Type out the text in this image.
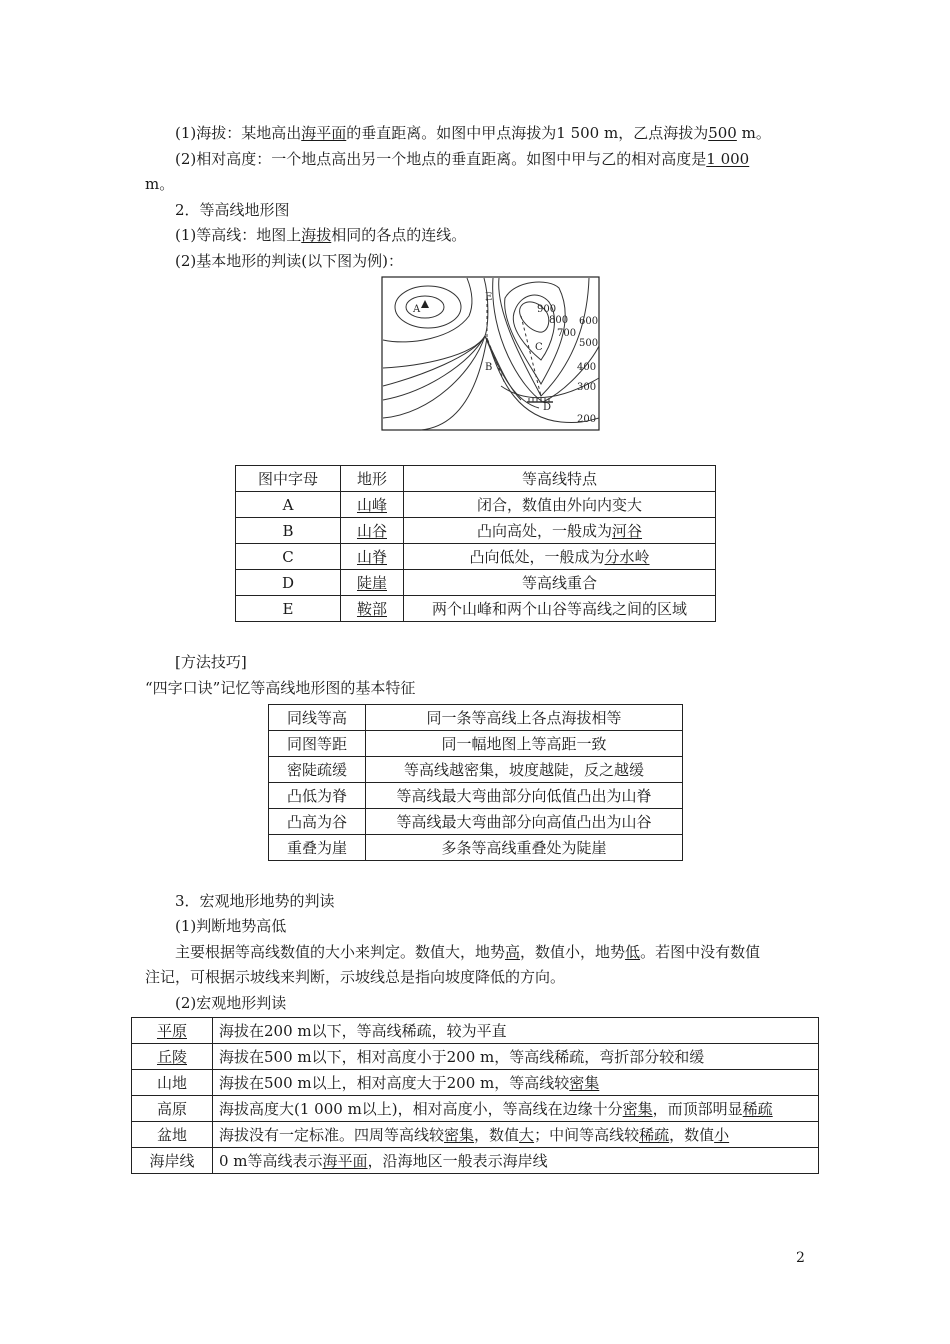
(1)海拔：某地高出海平面的垂直距离。如图中甲点海拔为1 500 m，乙点海拔为500 m。
(2)相对高度：一个地点高出另一个地点的垂直距离。如图中甲与乙的相对高度是1 000
m。
2．等高线地形图
(1)等高线：地图上海拔相同的各点的连线。
(2)基本地形的判读(以下图为例)：
A
B
C
D
E
900
800
700
600
500
400
300
200
图中字母	地形	等高线特点
A	山峰	闭合，数值由外向内变大
B	山谷	凸向高处，一般成为河谷
C	山脊	凸向低处，一般成为分水岭
D	陡崖	等高线重合
E	鞍部	两个山峰和两个山谷等高线之间的区域
[方法技巧]
“四字口诀”记忆等高线地形图的基本特征
同线等高	同一条等高线上各点海拔相等
同图等距	同一幅地图上等高距一致
密陡疏缓	等高线越密集，坡度越陡，反之越缓
凸低为脊	等高线最大弯曲部分向低值凸出为山脊
凸高为谷	等高线最大弯曲部分向高值凸出为山谷
重叠为崖	多条等高线重叠处为陡崖
3．宏观地形地势的判读
(1)判断地势高低
主要根据等高线数值的大小来判定。数值大，地势高，数值小，地势低。若图中没有数值
注记，可根据示坡线来判断，示坡线总是指向坡度降低的方向。
(2)宏观地形判读
平原	海拔在200 m以下，等高线稀疏，较为平直
丘陵	海拔在500 m以下，相对高度小于200 m，等高线稀疏，弯折部分较和缓
山地	海拔在500 m以上，相对高度大于200 m，等高线较密集
高原	海拔高度大(1 000 m以上)，相对高度小，等高线在边缘十分密集，而顶部明显稀疏
盆地	海拔没有一定标准。四周等高线较密集，数值大；中间等高线较稀疏，数值小
海岸线	0 m等高线表示海平面，沿海地区一般表示海岸线
2
